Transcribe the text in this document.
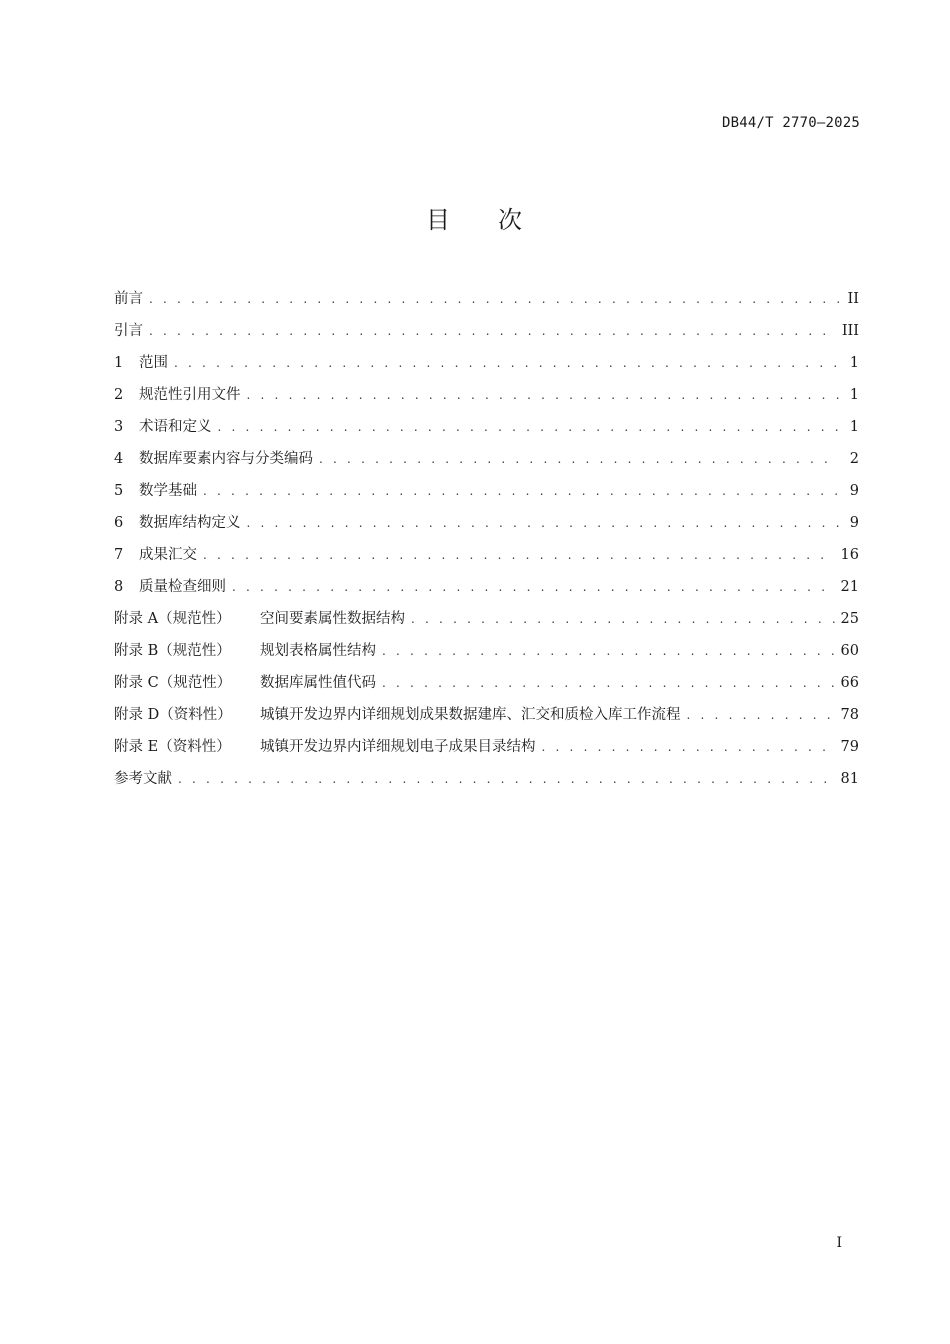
DB44/T 2770—2025
目 次
前言 . . .	II
引言 . . .	III
1	范围 . . .	1
2	规范性引用文件 . . .	1
3	术语和定义 . . .	1
4	数据库要素内容与分类编码 . . .	2
5	数学基础 . . .	9
6	数据库结构定义 . . .	9
7	成果汇交 . . .	16
8	质量检查细则 . . .	21
附录 A（规范性）	空间要素属性数据结构 . . .	25
附录 B（规范性）	规划表格属性结构 . . .	60
附录 C（规范性）	数据库属性值代码 . . .	66
附录 D（资料性）	城镇开发边界内详细规划成果数据建库、汇交和质检入库工作流程 . . .	78
附录 E（资料性）	城镇开发边界内详细规划电子成果目录结构 . . .	79
参考文献 . . .	81
I
